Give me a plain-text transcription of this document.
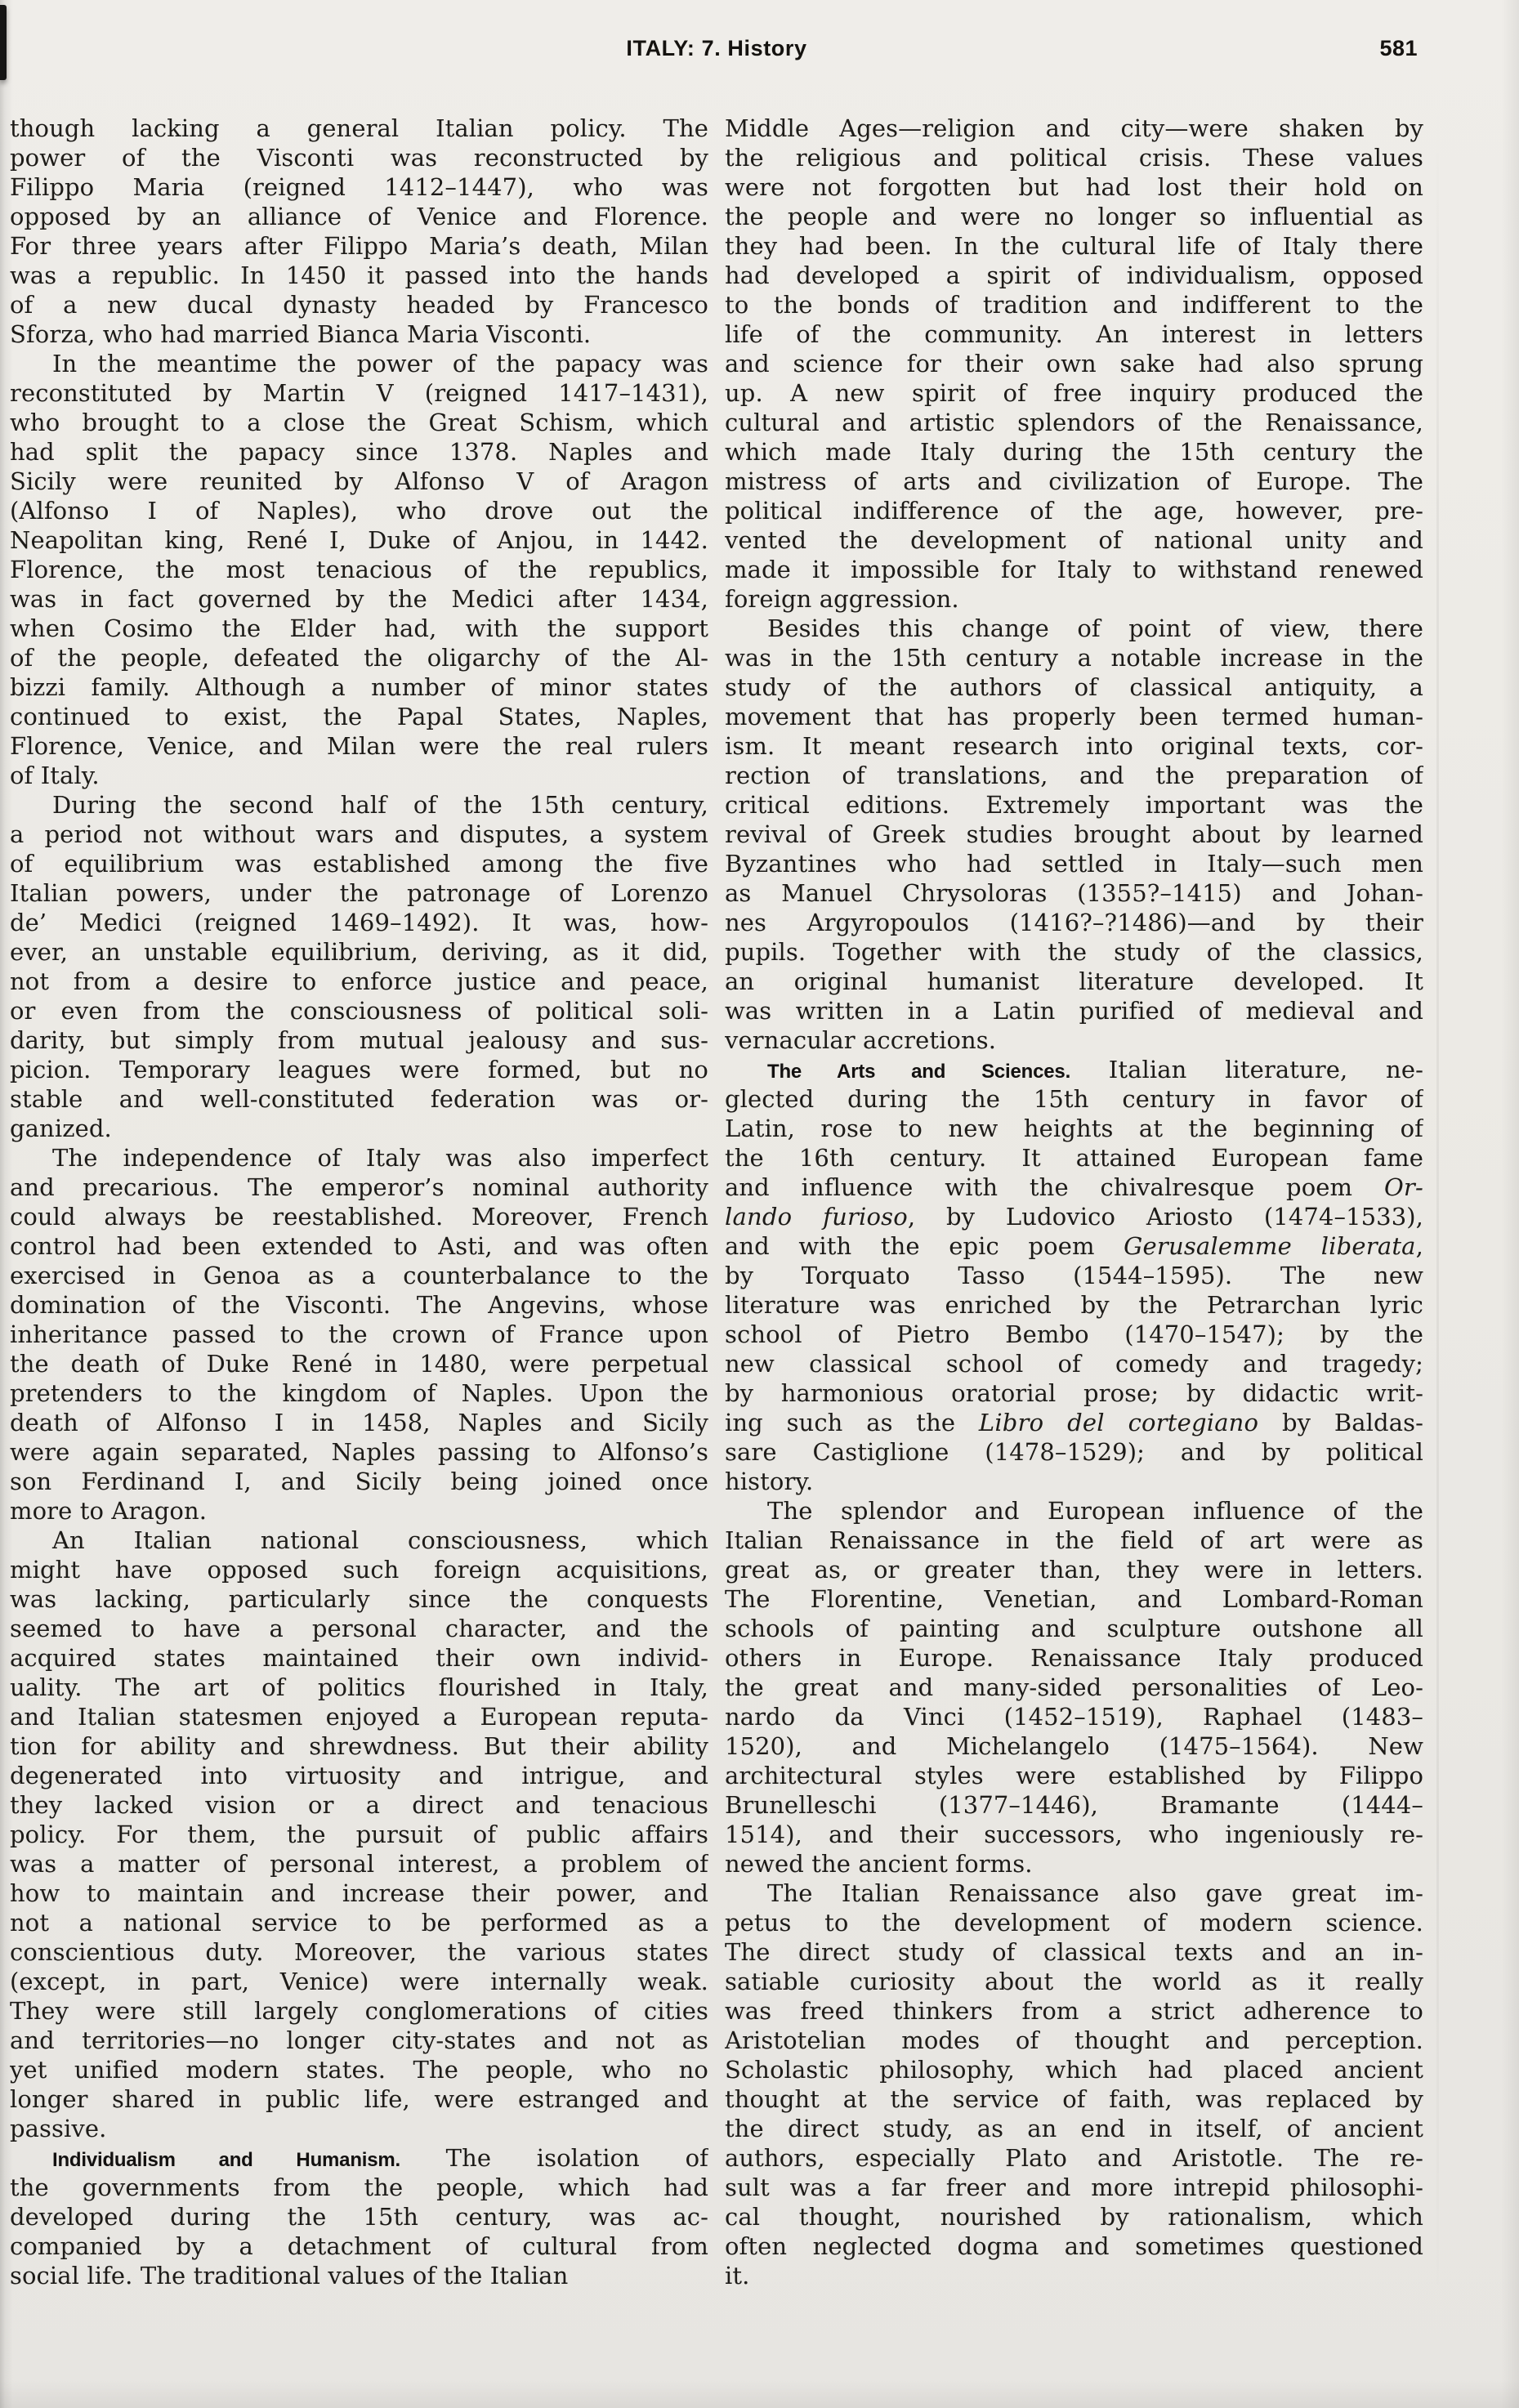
ITALY: 7. History	581
though lacking a general Italian policy. The
power of the Visconti was reconstructed by
Filippo Maria (reigned 1412–1447), who was
opposed by an alliance of Venice and Florence.
For three years after Filippo Maria’s death, Milan
was a republic. In 1450 it passed into the hands
of a new ducal dynasty headed by Francesco
Sforza, who had married Bianca Maria Visconti.
In the meantime the power of the papacy was
reconstituted by Martin V (reigned 1417–1431),
who brought to a close the Great Schism, which
had split the papacy since 1378. Naples and
Sicily were reunited by Alfonso V of Aragon
(Alfonso I of Naples), who drove out the
Neapolitan king, René I, Duke of Anjou, in 1442.
Florence, the most tenacious of the republics,
was in fact governed by the Medici after 1434,
when Cosimo the Elder had, with the support
of the people, defeated the oligarchy of the Al-
bizzi family. Although a number of minor states
continued to exist, the Papal States, Naples,
Florence, Venice, and Milan were the real rulers
of Italy.
During the second half of the 15th century,
a period not without wars and disputes, a system
of equilibrium was established among the five
Italian powers, under the patronage of Lorenzo
de’ Medici (reigned 1469–1492). It was, how-
ever, an unstable equilibrium, deriving, as it did,
not from a desire to enforce justice and peace,
or even from the consciousness of political soli-
darity, but simply from mutual jealousy and sus-
picion. Temporary leagues were formed, but no
stable and well-constituted federation was or-
ganized.
The independence of Italy was also imperfect
and precarious. The emperor’s nominal authority
could always be reestablished. Moreover, French
control had been extended to Asti, and was often
exercised in Genoa as a counterbalance to the
domination of the Visconti. The Angevins, whose
inheritance passed to the crown of France upon
the death of Duke René in 1480, were perpetual
pretenders to the kingdom of Naples. Upon the
death of Alfonso I in 1458, Naples and Sicily
were again separated, Naples passing to Alfonso’s
son Ferdinand I, and Sicily being joined once
more to Aragon.
An Italian national consciousness, which
might have opposed such foreign acquisitions,
was lacking, particularly since the conquests
seemed to have a personal character, and the
acquired states maintained their own individ-
uality. The art of politics flourished in Italy,
and Italian statesmen enjoyed a European reputa-
tion for ability and shrewdness. But their ability
degenerated into virtuosity and intrigue, and
they lacked vision or a direct and tenacious
policy. For them, the pursuit of public affairs
was a matter of personal interest, a problem of
how to maintain and increase their power, and
not a national service to be performed as a
conscientious duty. Moreover, the various states
(except, in part, Venice) were internally weak.
They were still largely conglomerations of cities
and territories—no longer city-states and not as
yet unified modern states. The people, who no
longer shared in public life, were estranged and
passive.
Individualism and Humanism. The isolation of
the governments from the people, which had
developed during the 15th century, was ac-
companied by a detachment of cultural from
social life. The traditional values of the Italian
Middle Ages—religion and city—were shaken by
the religious and political crisis. These values
were not forgotten but had lost their hold on
the people and were no longer so influential as
they had been. In the cultural life of Italy there
had developed a spirit of individualism, opposed
to the bonds of tradition and indifferent to the
life of the community. An interest in letters
and science for their own sake had also sprung
up. A new spirit of free inquiry produced the
cultural and artistic splendors of the Renaissance,
which made Italy during the 15th century the
mistress of arts and civilization of Europe. The
political indifference of the age, however, pre-
vented the development of national unity and
made it impossible for Italy to withstand renewed
foreign aggression.
Besides this change of point of view, there
was in the 15th century a notable increase in the
study of the authors of classical antiquity, a
movement that has properly been termed human-
ism. It meant research into original texts, cor-
rection of translations, and the preparation of
critical editions. Extremely important was the
revival of Greek studies brought about by learned
Byzantines who had settled in Italy—such men
as Manuel Chrysoloras (1355?–1415) and Johan-
nes Argyropoulos (1416?–?1486)—and by their
pupils. Together with the study of the classics,
an original humanist literature developed. It
was written in a Latin purified of medieval and
vernacular accretions.
The Arts and Sciences. Italian literature, ne-
glected during the 15th century in favor of
Latin, rose to new heights at the beginning of
the 16th century. It attained European fame
and influence with the chivalresque poem Or-
lando furioso, by Ludovico Ariosto (1474–1533),
and with the epic poem Gerusalemme liberata,
by Torquato Tasso (1544–1595). The new
literature was enriched by the Petrarchan lyric
school of Pietro Bembo (1470–1547); by the
new classical school of comedy and tragedy;
by harmonious oratorial prose; by didactic writ-
ing such as the Libro del cortegiano by Baldas-
sare Castiglione (1478–1529); and by political
history.
The splendor and European influence of the
Italian Renaissance in the field of art were as
great as, or greater than, they were in letters.
The Florentine, Venetian, and Lombard-Roman
schools of painting and sculpture outshone all
others in Europe. Renaissance Italy produced
the great and many-sided personalities of Leo-
nardo da Vinci (1452–1519), Raphael (1483–
1520), and Michelangelo (1475–1564). New
architectural styles were established by Filippo
Brunelleschi (1377–1446), Bramante (1444–
1514), and their successors, who ingeniously re-
newed the ancient forms.
The Italian Renaissance also gave great im-
petus to the development of modern science.
The direct study of classical texts and an in-
satiable curiosity about the world as it really
was freed thinkers from a strict adherence to
Aristotelian modes of thought and perception.
Scholastic philosophy, which had placed ancient
thought at the service of faith, was replaced by
the direct study, as an end in itself, of ancient
authors, especially Plato and Aristotle. The re-
sult was a far freer and more intrepid philosophi-
cal thought, nourished by rationalism, which
often neglected dogma and sometimes questioned
it.
